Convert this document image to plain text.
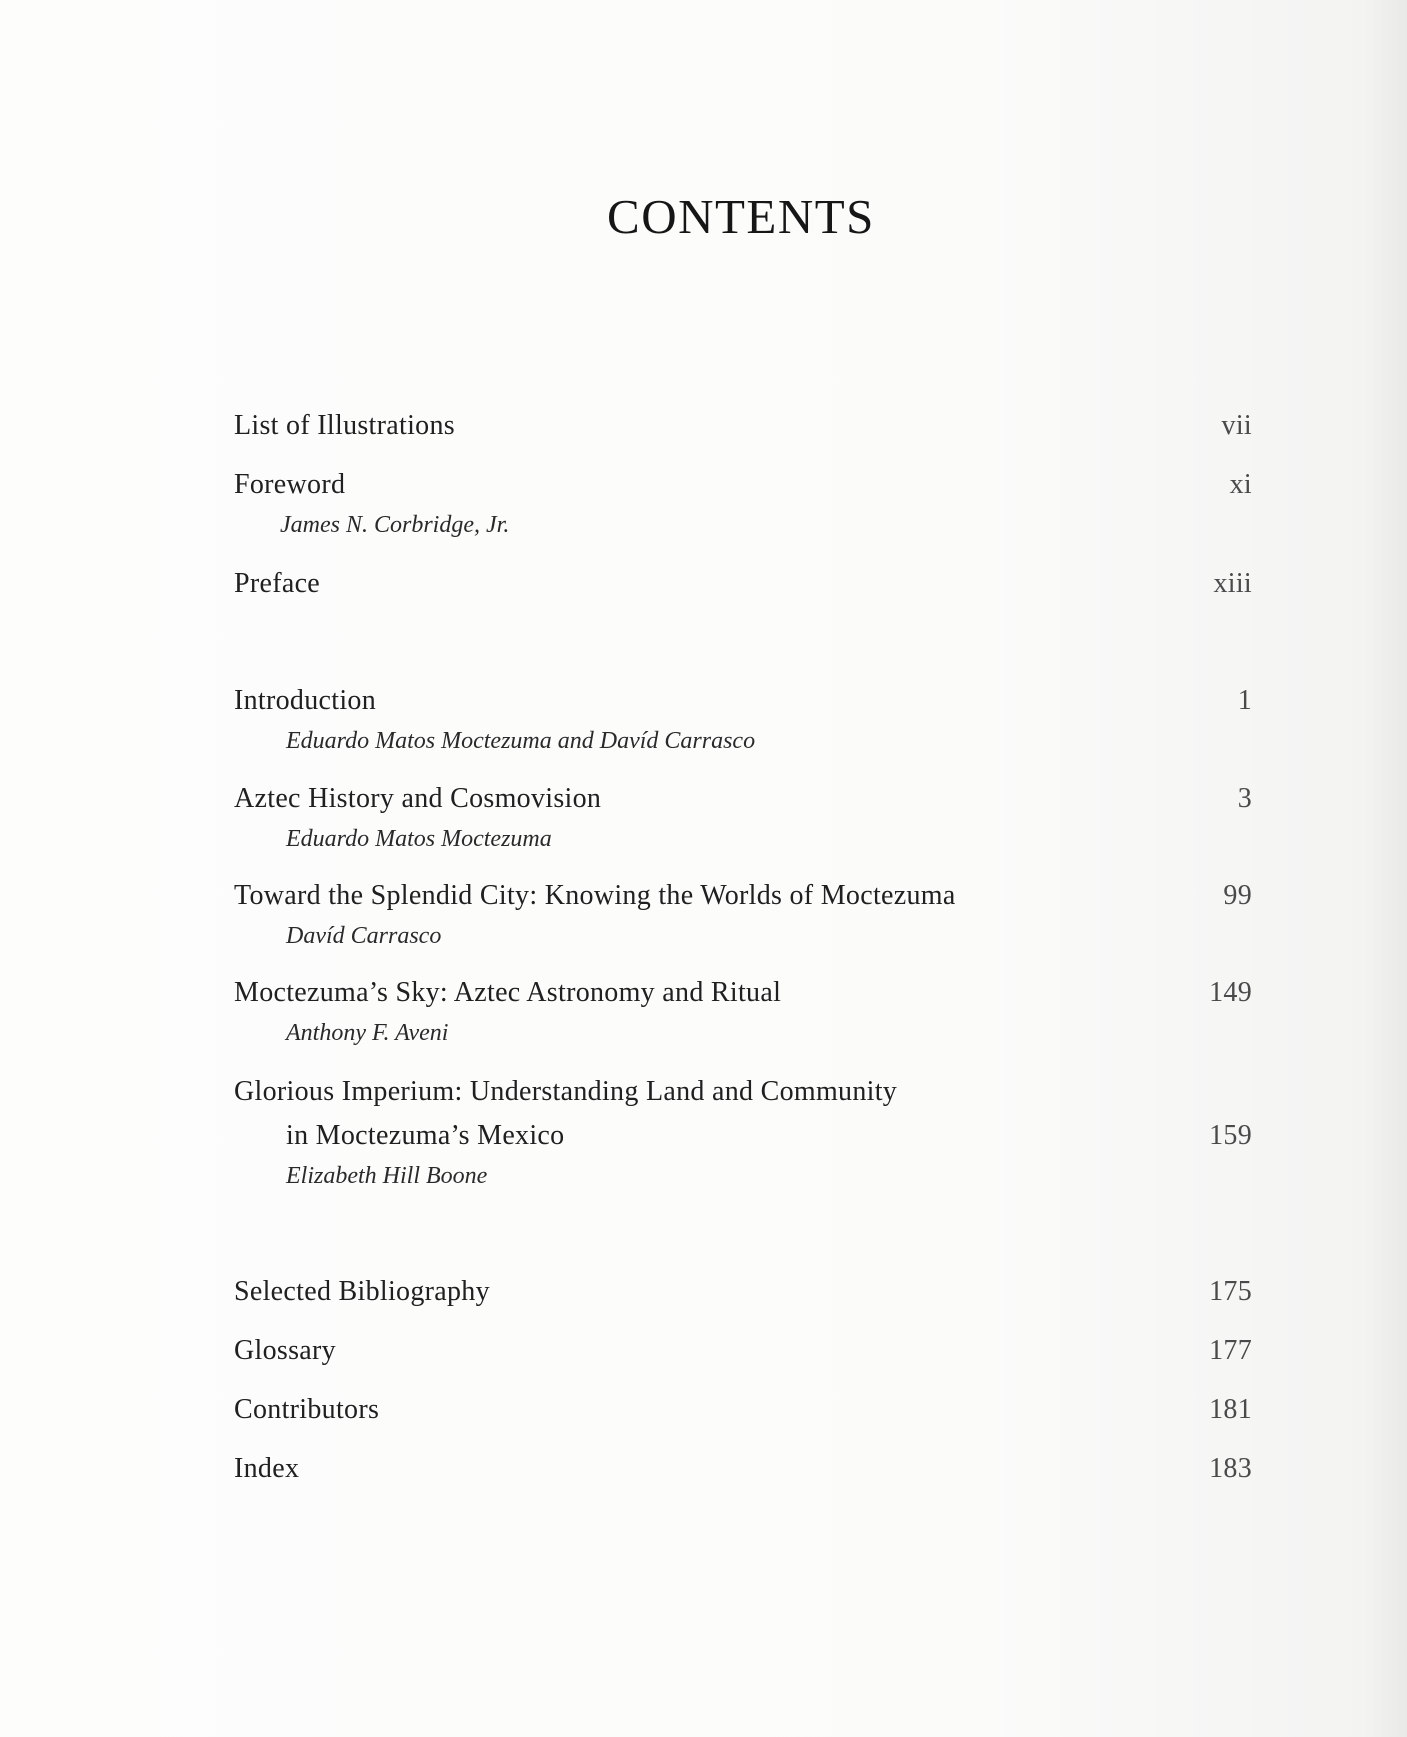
CONTENTS
List of Illustrations	vii
Foreword	xi
James N. Corbridge, Jr.
Preface	xiii
Introduction	1
Eduardo Matos Moctezuma and Davíd Carrasco
Aztec History and Cosmovision	3
Eduardo Matos Moctezuma
Toward the Splendid City: Knowing the Worlds of Moctezuma	99
Davíd Carrasco
Moctezuma’s Sky: Aztec Astronomy and Ritual	149
Anthony F. Aveni
Glorious Imperium: Understanding Land and Community
in Moctezuma’s Mexico	159
Elizabeth Hill Boone
Selected Bibliography	175
Glossary	177
Contributors	181
Index	183
